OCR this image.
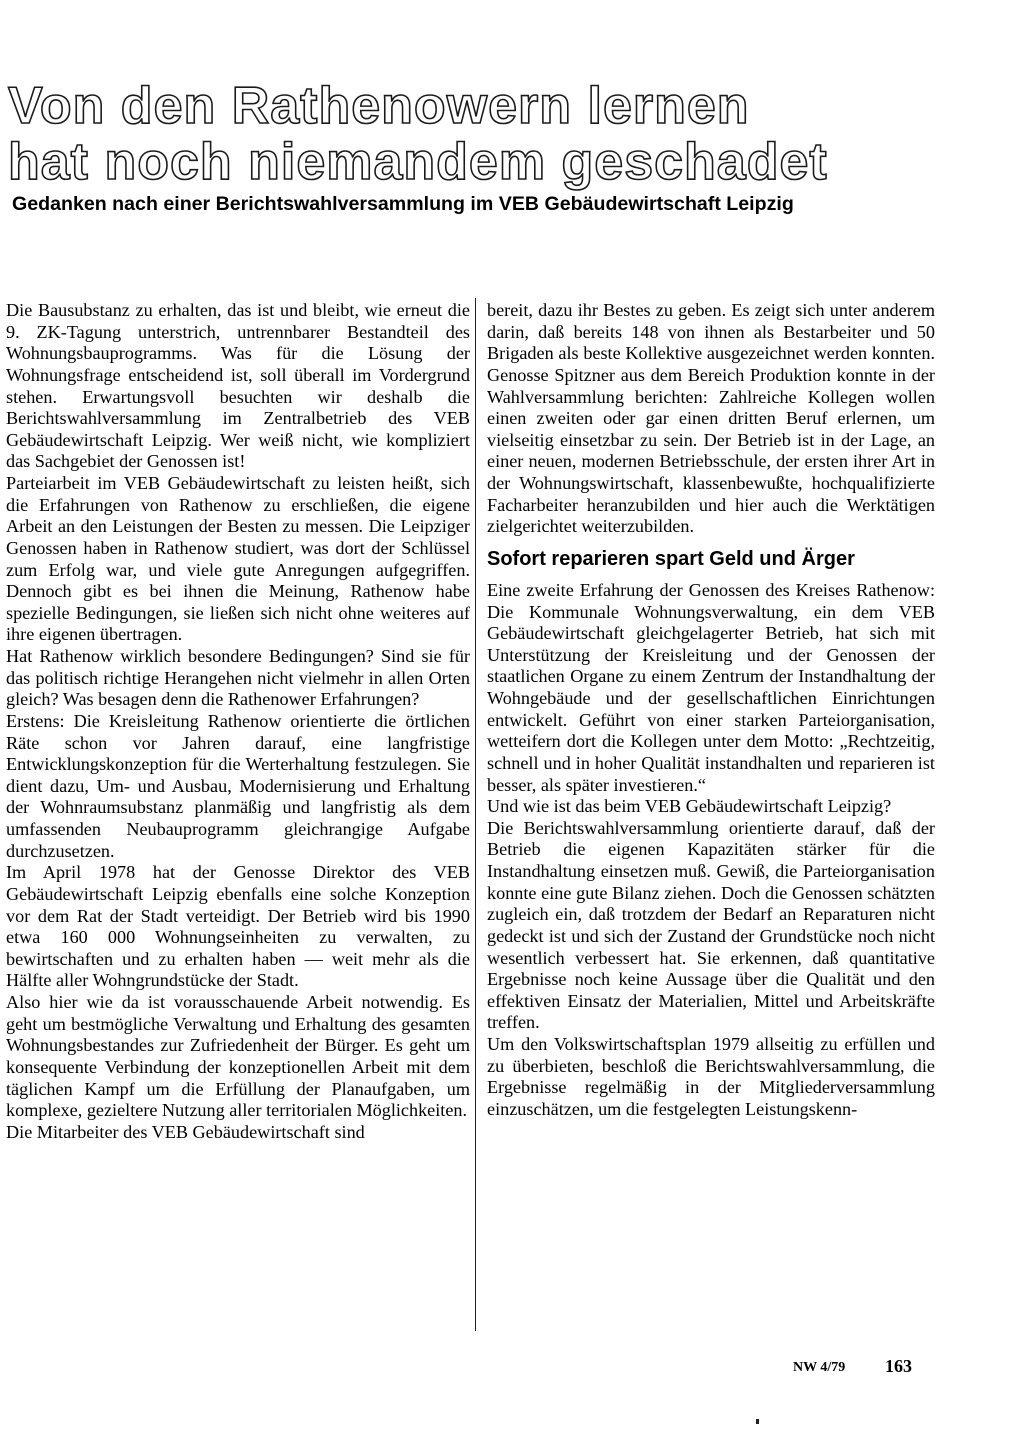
Von den Rathenowern lernen
hat noch niemandem geschadet
Gedanken nach einer Berichtswahlversammlung im VEB Gebäudewirtschaft Leipzig

Die Bausubstanz zu erhalten, das ist und bleibt, wie erneut die 9. ZK-Tagung unterstrich, untrennbarer Bestandteil des Wohnungsbauprogramms. Was für die Lösung der Wohnungsfrage entscheidend ist, soll überall im Vordergrund stehen. Erwartungsvoll besuchten wir deshalb die Berichtswahlversammlung im Zentralbetrieb des VEB Gebäudewirtschaft Leipzig. Wer weiß nicht, wie kompliziert das Sachgebiet der Genossen ist!

Parteiarbeit im VEB Gebäudewirtschaft zu leisten heißt, sich die Erfahrungen von Rathenow zu erschließen, die eigene Arbeit an den Leistungen der Besten zu messen. Die Leipziger Genossen haben in Rathenow studiert, was dort der Schlüssel zum Erfolg war, und viele gute Anregungen aufgegriffen. Dennoch gibt es bei ihnen die Meinung, Rathenow habe spezielle Bedingungen, sie ließen sich nicht ohne weiteres auf ihre eigenen übertragen.

Hat Rathenow wirklich besondere Bedingungen? Sind sie für das politisch richtige Herangehen nicht vielmehr in allen Orten gleich? Was besagen denn die Rathenower Erfahrungen?

Erstens: Die Kreisleitung Rathenow orientierte die örtlichen Räte schon vor Jahren darauf, eine langfristige Entwicklungskonzeption für die Werterhaltung festzulegen. Sie dient dazu, Um- und Ausbau, Modernisierung und Erhaltung der Wohnraumsubstanz planmäßig und langfristig als dem umfassenden Neubauprogramm gleichrangige Aufgabe durchzusetzen.

Im April 1978 hat der Genosse Direktor des VEB Gebäudewirtschaft Leipzig ebenfalls eine solche Konzeption vor dem Rat der Stadt verteidigt. Der Betrieb wird bis 1990 etwa 160 000 Wohnungseinheiten zu verwalten, zu bewirtschaften und zu erhalten haben — weit mehr als die Hälfte aller Wohngrundstücke der Stadt.

Also hier wie da ist vorausschauende Arbeit notwendig. Es geht um bestmögliche Verwaltung und Erhaltung des gesamten Wohnungsbestandes zur Zufriedenheit der Bürger. Es geht um konsequente Verbindung der konzeptionellen Arbeit mit dem täglichen Kampf um die Erfüllung der Planaufgaben, um komplexe, gezieltere Nutzung aller territorialen Möglichkeiten.

Die Mitarbeiter des VEB Gebäudewirtschaft sind

bereit, dazu ihr Bestes zu geben. Es zeigt sich unter anderem darin, daß bereits 148 von ihnen als Bestarbeiter und 50 Brigaden als beste Kollektive ausgezeichnet werden konnten. Genosse Spitzner aus dem Bereich Produktion konnte in der Wahlversammlung berichten: Zahlreiche Kollegen wollen einen zweiten oder gar einen dritten Beruf erlernen, um vielseitig einsetzbar zu sein. Der Betrieb ist in der Lage, an einer neuen, modernen Betriebsschule, der ersten ihrer Art in der Wohnungswirtschaft, klassenbewußte, hochqualifizierte Facharbeiter heranzubilden und hier auch die Werktätigen zielgerichtet weiterzubilden.

Sofort reparieren spart Geld und Ärger

Eine zweite Erfahrung der Genossen des Kreises Rathenow: Die Kommunale Wohnungsverwaltung, ein dem VEB Gebäudewirtschaft gleichgelagerter Betrieb, hat sich mit Unterstützung der Kreisleitung und der Genossen der staatlichen Organe zu einem Zentrum der Instandhaltung der Wohngebäude und der gesellschaftlichen Einrichtungen entwickelt. Geführt von einer starken Parteiorganisation, wetteifern dort die Kollegen unter dem Motto: „Rechtzeitig, schnell und in hoher Qualität instandhalten und reparieren ist besser, als später investieren.“

Und wie ist das beim VEB Gebäudewirtschaft Leipzig?

Die Berichtswahlversammlung orientierte darauf, daß der Betrieb die eigenen Kapazitäten stärker für die Instandhaltung einsetzen muß. Gewiß, die Parteiorganisation konnte eine gute Bilanz ziehen. Doch die Genossen schätzten zugleich ein, daß trotzdem der Bedarf an Reparaturen nicht gedeckt ist und sich der Zustand der Grundstücke noch nicht wesentlich verbessert hat. Sie erkennen, daß quantitative Ergebnisse noch keine Aussage über die Qualität und den effektiven Einsatz der Materialien, Mittel und Arbeitskräfte treffen.

Um den Volkswirtschaftsplan 1979 allseitig zu erfüllen und zu überbieten, beschloß die Berichtswahlversammlung, die Ergebnisse regelmäßig in der Mitgliederversammlung einzuschätzen, um die festgelegten Leistungskenn-

NW 4/79 163
